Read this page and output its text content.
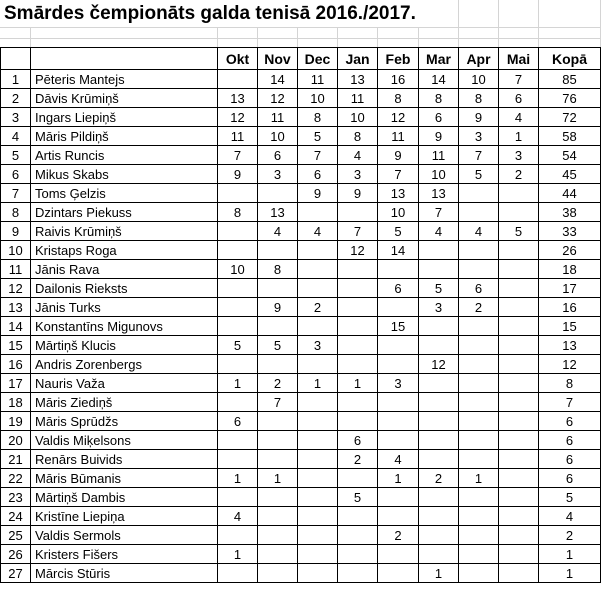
Smārdes čempionāts galda tenisā 2016./2017.
		Okt	Nov	Dec	Jan	Feb	Mar	Apr	Mai	Kopā
1	Pēteris Mantejs		14	11	13	16	14	10	7	85
2	Dāvis Krūmiņš	13	12	10	11	8	8	8	6	76
3	Ingars Liepiņš	12	11	8	10	12	6	9	4	72
4	Māris Pildiņš	11	10	5	8	11	9	3	1	58
5	Artis Runcis	7	6	7	4	9	11	7	3	54
6	Mikus Skabs	9	3	6	3	7	10	5	2	45
7	Toms Ģelzis			9	9	13	13			44
8	Dzintars Piekuss	8	13			10	7			38
9	Raivis Krūmiņš		4	4	7	5	4	4	5	33
10	Kristaps Roga				12	14				26
11	Jānis Rava	10	8							18
12	Dailonis Rieksts					6	5	6		17
13	Jānis Turks		9	2			3	2		16
14	Konstantīns Migunovs					15				15
15	Mārtiņš Klucis	5	5	3						13
16	Andris Zorenbergs						12			12
17	Nauris Važa	1	2	1	1	3				8
18	Māris Ziediņš		7							7
19	Māris Sprūdžs	6								6
20	Valdis Miķelsons				6					6
21	Renārs Buivids				2	4				6
22	Māris Būmanis	1	1			1	2	1		6
23	Mārtiņš Dambis				5					5
24	Kristīne Liepiņa	4								4
25	Valdis Sermols					2				2
26	Kristers Fišers	1								1
27	Mārcis Stūris						1			1
